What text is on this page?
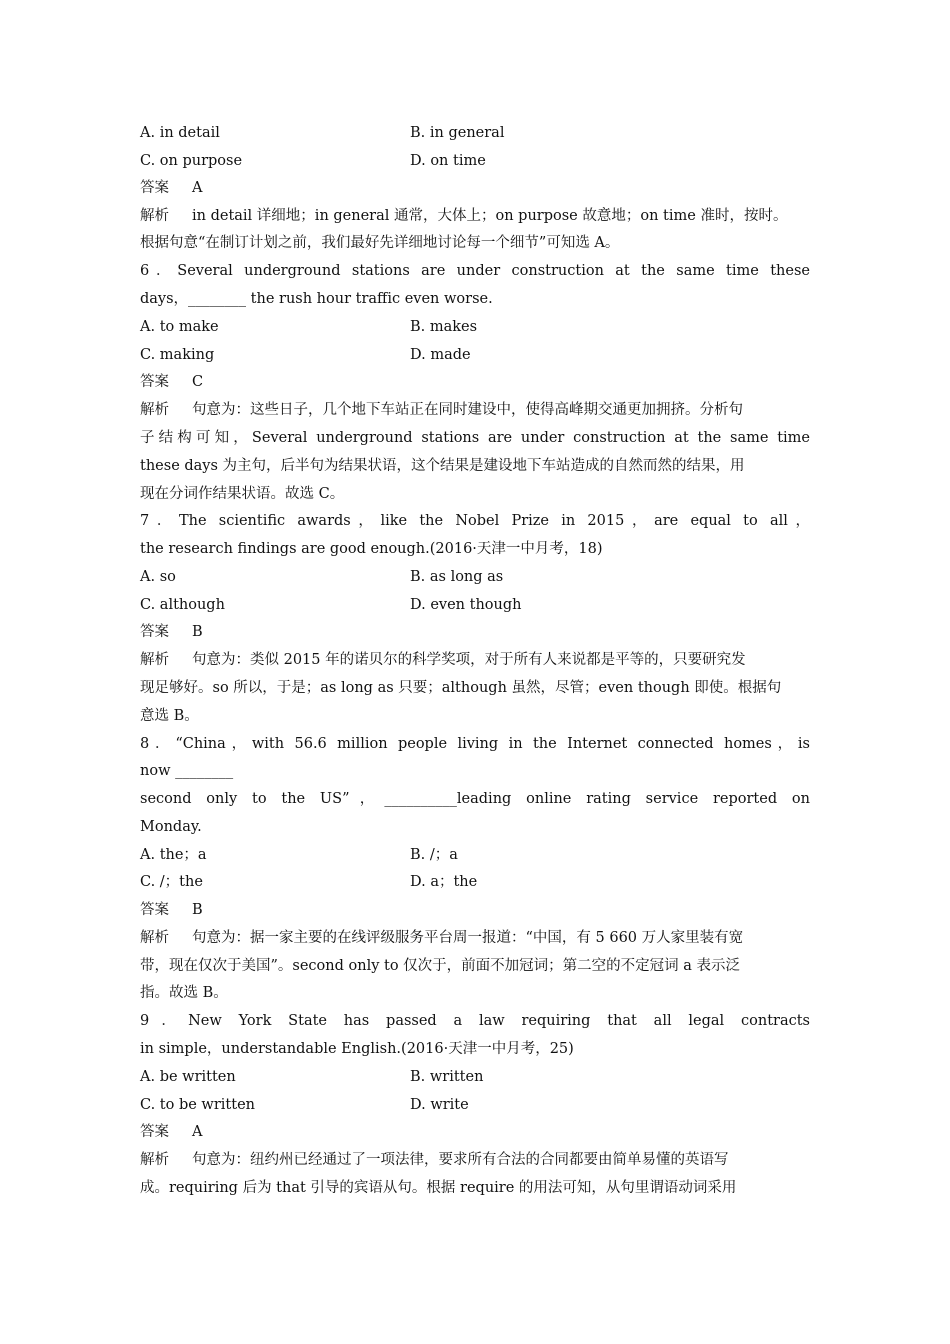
A. in detail	B. in general
C. on purpose	D. on time
答案 A
解析 in detail 详细地；in general 通常，大体上；on purpose 故意地；on time 准时，按时。
根据句意“在制订计划之前，我们最好先详细地讨论每一个细节”可知选 A。
6．Several underground stations are under construction at the same time these
days，________ the rush hour traffic even worse.
A. to make	B. makes
C. making	D. made
答案 C
解析 句意为：这些日子，几个地下车站正在同时建设中，使得高峰期交通更加拥挤。分析句
子结构可知，Several underground stations are under construction at the same time
these days 为主句，后半句为结果状语，这个结果是建设地下车站造成的自然而然的结果，用
现在分词作结果状语。故选 C。
7．The scientific awards，like the Nobel Prize in 2015，are equal to all，
the research findings are good enough.(2016·天津一中月考，18)
A. so	B. as long as
C. although	D. even though
答案 B
解析 句意为：类似 2015 年的诺贝尔的科学奖项，对于所有人来说都是平等的，只要研究发
现足够好。so 所以，于是；as long as 只要；although 虽然，尽管；even though 即使。根据句
意选 B。
8．“China，with 56.6 million people living in the Internet connected homes，is
now ________
second only to the US”，__________leading online rating service reported on
Monday.
A. the；a	B. /；a
C. /；the	D. a；the
答案 B
解析 句意为：据一家主要的在线评级服务平台周一报道：“中国，有 5 660 万人家里装有宽
带，现在仅次于美国”。second only to 仅次于，前面不加冠词；第二空的不定冠词 a 表示泛
指。故选 B。
9．New York State has passed a law requiring that all legal contracts
in simple，understandable English.(2016·天津一中月考，25)
A. be written	B. written
C. to be written	D. write
答案 A
解析 句意为：纽约州已经通过了一项法律，要求所有合法的合同都要由简单易懂的英语写
成。requiring 后为 that 引导的宾语从句。根据 require 的用法可知，从句里谓语动词采用
